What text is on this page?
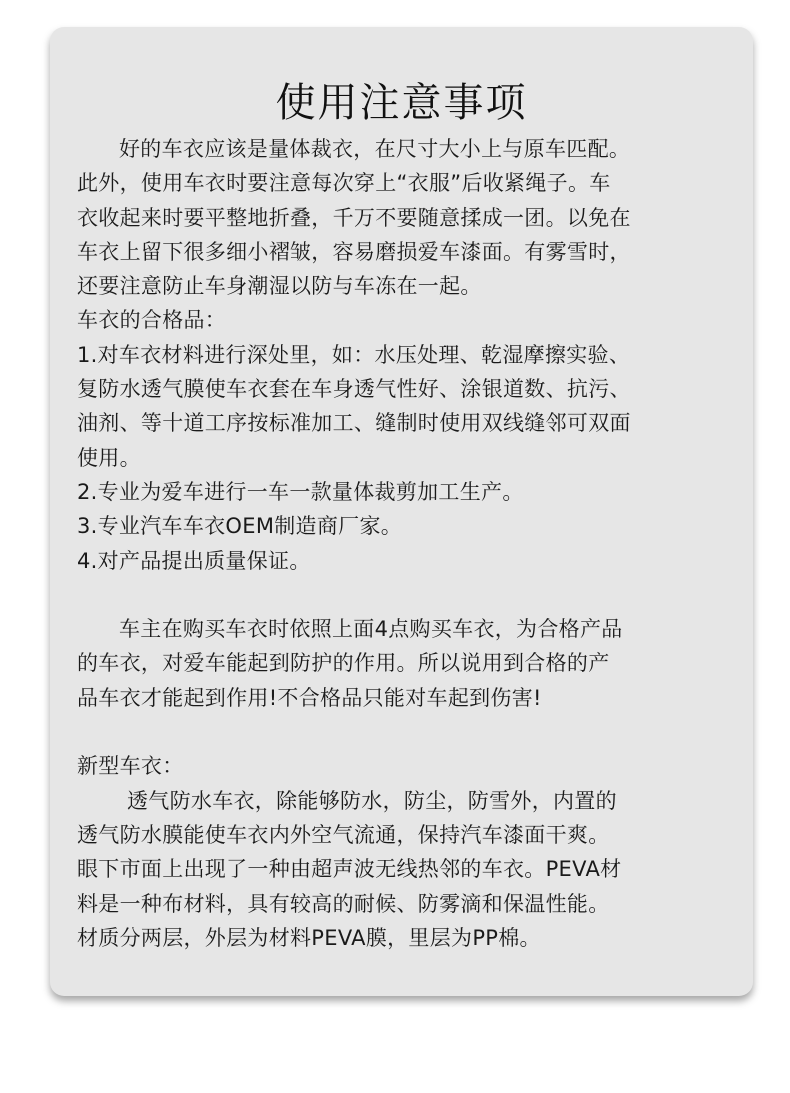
使用注意事项
好的车衣应该是量体裁衣，在尺寸大小上与原车匹配。
此外，使用车衣时要注意每次穿上“衣服”后收紧绳子。车
衣收起来时要平整地折叠，千万不要随意揉成一团。以免在
车衣上留下很多细小褶皱，容易磨损爱车漆面。有雾雪时，
还要注意防止车身潮湿以防与车冻在一起。
车衣的合格品：
1.对车衣材料进行深处里，如：水压处理、乾湿摩擦实验、
复防水透气膜使车衣套在车身透气性好、涂银道数、抗污、
油剂、等十道工序按标准加工、缝制时使用双线缝邻可双面
使用。
2.专业为爱车进行一车一款量体裁剪加工生产。
3.专业汽车车衣OEM制造商厂家。
4.对产品提出质量保证。
车主在购买车衣时依照上面4点购买车衣，为合格产品
的车衣，对爱车能起到防护的作用。所以说用到合格的产
品车衣才能起到作用!不合格品只能对车起到伤害!
新型车衣：
透气防水车衣，除能够防水，防尘，防雪外，内置的
透气防水膜能使车衣内外空气流通，保持汽车漆面干爽。
眼下市面上出现了一种由超声波无线热邻的车衣。PEVA材
料是一种布材料，具有较高的耐候、防雾滴和保温性能。
材质分两层，外层为材料PEVA膜，里层为PP棉。
